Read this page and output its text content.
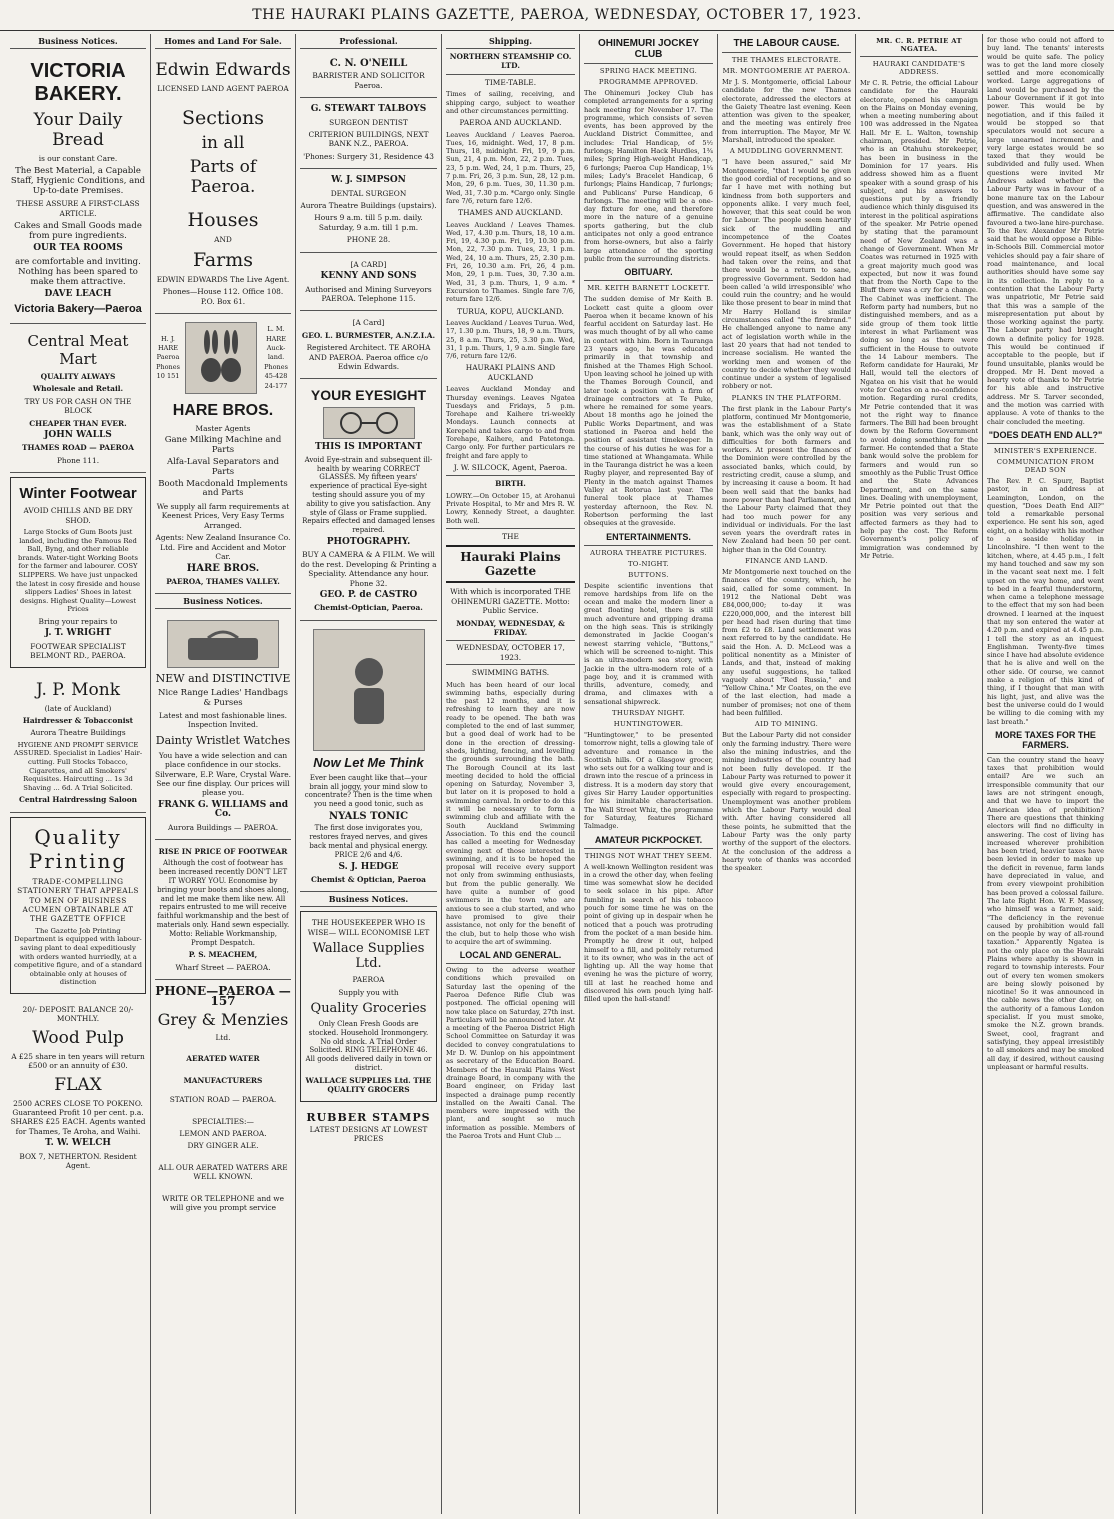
THE HAURAKI PLAINS GAZETTE, PAEROA, WEDNESDAY, OCTOBER 17, 1923.
Business Notices.
VICTORIA BAKERY.
Your Daily Bread
is our constant Care.
The Best Material, a Capable Staff, Hygienic Conditions, and Up-to-date Premises.
THESE ASSURE A FIRST-CLASS ARTICLE.
Cakes and Small Goods made from pure ingredients.
OUR TEA ROOMS
are comfortable and inviting. Nothing has been spared to make them attractive.
DAVE LEACH
Victoria Bakery—Paeroa
Central Meat Mart
QUALITY ALWAYS
Wholesale and Retail.
TRY US FOR CASH ON THE BLOCK
CHEAPER THAN EVER.
JOHN WALLS
THAMES ROAD — PAEROA
Phone 111.
Winter Footwear
AVOID CHILLS AND BE DRY SHOD.
Large Stocks of Gum Boots just landed, including the Famous Red Ball, Byng, and other reliable brands. Water-tight Working Boots for the farmer and labourer. COSY SLIPPERS. We have just unpacked the latest in cosy fireside and house slippers Ladies' Shoes in latest designs. Highest Quality—Lowest Prices
Bring your repairs to
J. T. WRIGHT
FOOTWEAR SPECIALIST BELMONT RD., PAEROA.
J. P. Monk
(late of Auckland)
Hairdresser & Tobacconist
Aurora Theatre Buildings
HYGIENE AND PROMPT SERVICE ASSURED. Specialist in Ladies' Hair-cutting. Full Stocks Tobacco, Cigarettes, and all Smokers' Requisites. Haircutting ... 1s 3d Shaving ... 6d. A Trial Solicited.
Central Hairdressing Saloon
Quality Printing
TRADE-COMPELLING STATIONERY THAT APPEALS TO MEN OF BUSINESS ACUMEN OBTAINABLE AT THE GAZETTE OFFICE
The Gazette Job Printing Department is equipped with labour-saving plant to deal expeditiously with orders wanted hurriedly, at a competitive figure, and of a standard obtainable only at houses of distinction
20/- DEPOSIT. BALANCE 20/- MONTHLY.
Wood Pulp
A £25 share in ten years will return £500 or an annuity of £30.
FLAX
2500 ACRES CLOSE TO POKENO. Guaranteed Profit 10 per cent. p.a. SHARES £25 EACH. Agents wanted for Thames, Te Aroha, and Waihi.
T. W. WELCH
BOX 7, NETHERTON. Resident Agent.
Homes and Land For Sale.
Edwin Edwards
LICENSED LAND AGENT PAEROA
Sections
in all
Parts of Paeroa.
Houses
AND
Farms
EDWIN EDWARDS The Live Agent.
Phones—House 112. Office 108. P.O. Box 61.
H. J. HARE Paeroa Phones 10 151
L. M. HARE Auck-land. Phones 45-428 24-177
HARE BROS.
Master Agents
Gane Milking Machine and Parts
Alfa-Laval Separators and Parts
Booth Macdonald Implements and Parts
We supply all farm requirements at Keenest Prices, Very Easy Terms Arranged.
Agents: New Zealand Insurance Co. Ltd. Fire and Accident and Motor Car.
HARE BROS.
PAEROA, THAMES VALLEY.
Business Notices.
NEW and DISTINCTIVE
Nice Range Ladies' Handbags & Purses
Latest and most fashionable lines. Inspection Invited.
Dainty Wristlet Watches
You have a wide selection and can place confidence in our stocks. Silverware, E.P. Ware, Crystal Ware. See our fine display. Our prices will please you.
FRANK G. WILLIAMS and Co.
Aurora Buildings — PAEROA.
RISE IN PRICE OF FOOTWEAR
Although the cost of footwear has been increased recently DON'T LET IT WORRY YOU. Economise by bringing your boots and shoes along, and let me make them like new. All repairs entrusted to me will receive faithful workmanship and the best of materials only. Hand sewn especially. Motto: Reliable Workmanship, Prompt Despatch.
P. S. MEACHEM,
Wharf Street — PAEROA.
PHONE—PAEROA —157
Grey & Menzies
Ltd.
AERATED WATER
MANUFACTURERS
STATION ROAD — PAEROA.
SPECIALTIES:—
LEMON AND PAEROA.
DRY GINGER ALE.
ALL OUR AERATED WATERS ARE WELL KNOWN.
WRITE OR TELEPHONE and we will give you prompt service
Professional.
C. N. O'NEILL
BARRISTER AND SOLICITOR Paeroa.
G. STEWART TALBOYS
SURGEON DENTIST
CRITERION BUILDINGS, NEXT BANK N.Z., PAEROA.
'Phones: Surgery 31, Residence 43
W. J. SIMPSON
DENTAL SURGEON
Aurora Theatre Buildings (upstairs).
Hours 9 a.m. till 5 p.m. daily. Saturday, 9 a.m. till 1 p.m.
PHONE 28.
[A CARD]
KENNY AND SONS
Authorised and Mining Surveyors PAEROA. Telephone 115.
[A Card]
GEO. L. BURMESTER, A.N.Z.I.A.
Registered Architect. TE AROHA AND PAEROA. Paeroa office c/o Edwin Edwards.
YOUR EYESIGHT
THIS IS IMPORTANT
Avoid Eye-strain and subsequent ill-health by wearing CORRECT GLASSES. My fifteen years' experience of practical Eye-sight testing should assure you of my ability to give you satisfaction. Any style of Glass or Frame supplied. Repairs effected and damaged lenses repaired.
PHOTOGRAPHY.
BUY A CAMERA & A FILM. We will do the rest. Developing & Printing a Speciality. Attendance any hour. Phone 32.
GEO. P. de CASTRO
Chemist-Optician, Paeroa.
Now Let Me Think
Ever been caught like that—your brain all joggy, your mind slow to concentrate? Then is the time when you need a good tonic, such as
NYALS TONIC
The first dose invigorates you, restores frayed nerves, and gives back mental and physical energy. PRICE 2/6 and 4/6.
S. J. HEDGE
Chemist & Optician, Paeroa
Business Notices.
THE HOUSEKEEPER WHO IS WISE— WILL ECONOMISE LET
Wallace Supplies Ltd.
PAEROA
Supply you with
Quality Groceries
Only Clean Fresh Goods are stocked. Household Ironmongery. No old stock. A Trial Order Solicited. RING TELEPHONE 46. All goods delivered daily in town or district.
WALLACE SUPPLIES Ltd. THE QUALITY GROCERS
RUBBER STAMPS
LATEST DESIGNS AT LOWEST PRICES
Shipping.
NORTHERN STEAMSHIP CO. LTD.
TIME-TABLE.
Times of sailing, receiving, and shipping cargo, subject to weather and other circumstances permitting.
PAEROA AND AUCKLAND.
Leaves Auckland / Leaves Paeroa. Tues, 16, midnight. Wed, 17, 8 p.m. Thurs, 18, midnight. Fri, 19, 9 p.m. Sun, 21, 4 p.m. Mon, 22, 2 p.m. Tues, 23, 5 p.m. Wed, 24, 1 p.m. Thurs, 25, 7 p.m. Fri, 26, 3 p.m. Sun, 28, 12 p.m. Mon, 29, 6 p.m. Tues, 30, 11.30 p.m. Wed, 31, 7.30 p.m. *Cargo only. Single fare 7/6, return fare 12/6.
THAMES AND AUCKLAND.
Leaves Auckland / Leaves Thames. Wed, 17, 4.30 p.m. Thurs, 18, 10 a.m. Fri, 19, 4.30 p.m. Fri, 19, 10.30 p.m. Mon, 22, 7.30 p.m. Tues, 23, 1 p.m. Wed, 24, 10 a.m. Thurs, 25, 2.30 p.m. Fri, 26, 10.30 a.m. Fri, 26, 4 p.m. Mon, 29, 1 p.m. Tues, 30, 7.30 a.m. Wed, 31, 3 p.m. Thurs, 1, 9 a.m. * Excursion to Thames. Single fare 7/6, return fare 12/6.
TURUA, KOPU, AUCKLAND.
Leaves Auckland / Leaves Turua. Wed, 17, 1.30 p.m. Thurs, 18, 9 a.m. Thurs, 25, 8 a.m. Thurs, 25, 3.30 p.m. Wed, 31, 1 p.m. Thurs, 1, 9 a.m. Single fare 7/6, return fare 12/6.
HAURAKI PLAINS AND AUCKLAND
Leaves Auckland Monday and Thursday evenings. Leaves Ngatea Tuesdays and Fridays, 5 p.m. Torehape and Kaihere tri-weekly Mondays. Launch connects at Kerepehi and takes cargo to and from Torehape, Kaihere, and Patetonga. Cargo only. For further particulars re freight and fare apply to
J. W. SILCOCK, Agent, Paeroa.
BIRTH.
LOWRY.—On October 15, at Arohanui Private Hospital, to Mr and Mrs R. W. Lowry, Kennedy Street, a daughter. Both well.
THE
Hauraki Plains Gazette
With which is incorporated THE OHINEMURI GAZETTE. Motto: Public Service.
MONDAY, WEDNESDAY, & FRIDAY.
WEDNESDAY, OCTOBER 17, 1923.
SWIMMING BATHS.
Much has been heard of our local swimming baths, especially during the past 12 months, and it is refreshing to learn they are now ready to be opened. The bath was completed to the end of last summer, but a good deal of work had to be done in the erection of dressing-sheds, lighting, fencing, and levelling the grounds surrounding the bath. The Borough Council at its last meeting decided to hold the official opening on Saturday, November 3, but later on it is proposed to hold a swimming carnival. In order to do this it will be necessary to form a swimming club and affiliate with the South Auckland Swimming Association. To this end the council has called a meeting for Wednesday evening next of those interested in swimming, and it is to be hoped the proposal will receive every support not only from swimming enthusiasts, but from the public generally. We have quite a number of good swimmers in the town who are anxious to see a club started, and who have promised to give their assistance, not only for the benefit of the club, but to help those who wish to acquire the art of swimming.
LOCAL AND GENERAL.
Owing to the adverse weather conditions which prevailed on Saturday last the opening of the Paeroa Defence Rifle Club was postponed. The official opening will now take place on Saturday, 27th inst. Particulars will be announced later. At a meeting of the Paeroa District High School Committee on Saturday it was decided to convey congratulations to Mr D. W. Dunlop on his appointment as secretary of the Education Board. Members of the Hauraki Plains West drainage Board, in company with the Board engineer, on Friday last inspected a drainage pump recently installed on the Awaiti Canal. The members were impressed with the plant, and sought so much information as possible. Members of the Paeroa Trots and Hunt Club ...
OHINEMURI JOCKEY CLUB
SPRING HACK MEETING.
PROGRAMME APPROVED.
The Ohinemuri Jockey Club has completed arrangements for a spring hack meeting for November 17. The programme, which consists of seven events, has been approved by the Auckland District Committee, and includes: Trial Handicap, of 5½ furlongs; Hamilton Hack Hurdles, 1¾ miles; Spring High-weight Handicap, 6 furlongs; Paeroa Cup Handicap, 1¼ miles; Lady's Bracelet Handicap, 6 furlongs; Plains Handicap, 7 furlongs; and Publicans' Purse Handicap, 6 furlongs. The meeting will be a one-day fixture for one, and therefore more in the nature of a genuine sports gathering, but the club anticipates not only a good entrance from horse-owners, but also a fairly large attendance of the sporting public from the surrounding districts.
OBITUARY.
MR. KEITH BARNETT LOCKETT.
The sudden demise of Mr Keith B. Lockett cast quite a gloom over Paeroa when it became known of his fearful accident on Saturday last. He was much thought of by all who came in contact with him. Born in Tauranga 23 years ago, he was educated primarily in that township and finished at the Thames High School. Upon leaving school he joined up with the Thames Borough Council, and later took a position with a firm of drainage contractors at Te Puke, where he remained for some years. About 18 months ago he joined the Public Works Department, and was stationed in Paeroa and held the position of assistant timekeeper. In the course of his duties he was for a time stationed at Whangamata. While in the Tauranga district he was a keen Rugby player, and represented Bay of Plenty in the match against Thames Valley at Rotorua last year. The funeral took place at Thames yesterday afternoon, the Rev. N. Robertson performing the last obsequies at the graveside.
ENTERTAINMENTS.
AURORA THEATRE PICTURES.
TO-NIGHT.
BUTTONS.
Despite scientific inventions that remove hardships from life on the ocean and make the modern liner a great floating hotel, there is still much adventure and gripping drama on the high seas. This is strikingly demonstrated in Jackie Coogan's newest starring vehicle, "Buttons," which will be screened to-night. This is an ultra-modern sea story, with Jackie in the ultra-modern role of a page boy, and it is crammed with thrills, adventure, comedy, and drama, and climaxes with a sensational shipwreck.
THURSDAY NIGHT.
HUNTINGTOWER.
"Huntingtower," to be presented tomorrow night, tells a glowing tale of adventure and romance in the Scottish hills. Of a Glasgow grocer, who sets out for a walking tour and is drawn into the rescue of a princess in distress. It is a modern day story that gives Sir Harry Lauder opportunities for his inimitable characterisation. The Wall Street Whiz, the programme for Saturday, features Richard Talmadge.
AMATEUR PICKPOCKET.
THINGS NOT WHAT THEY SEEM.
A well-known Wellington resident was in a crowd the other day, when feeling time was somewhat slow he decided to seek solace in his pipe. After fumbling in search of his tobacco pouch for some time he was on the point of giving up in despair when he noticed that a pouch was protruding from the pocket of a man beside him. Promptly he drew it out, helped himself to a fill, and politely returned it to its owner, who was in the act of lighting up. All the way home that evening he was the picture of worry, till at last he reached home and discovered his own pouch lying half-filled upon the hall-stand!
THE LABOUR CAUSE.
THE THAMES ELECTORATE.
MR. MONTGOMERIE AT PAEROA.
Mr J. S. Montgomerie, official Labour candidate for the new Thames electorate, addressed the electors at the Gaiety Theatre last evening. Keen attention was given to the speaker, and the meeting was entirely free from interruption. The Mayor, Mr W. Marshall, introduced the speaker.
A MUDDLING GOVERNMENT.
"I have been assured," said Mr Montgomerie, "that I would be given the good cordial of receptions, and so far I have met with nothing but kindness from both supporters and opponents alike. I very much feel, however, that this seat could be won for Labour. The people seem heartily sick of the muddling and incompetence of the Coates Government. He hoped that history would repeat itself, as when Seddon had taken over the reins, and that there would be a return to sane, progressive Government. Seddon had been called 'a wild irresponsible' who could ruin the country; and he would like those present to bear in mind that Mr Harry Holland is similar circumstances called "the firebrand." He challenged anyone to name any act of legislation worth while in the last 20 years that had not tended to increase socialism. He wanted the working men and women of the country to decide whether they would continue under a system of legalised robbery or not.
PLANKS IN THE PLATFORM.
The first plank in the Labour Party's platform, continued Mr Montgomerie, was the establishment of a State bank, which was the only way out of difficulties for both farmers and workers. At present the finances of the Dominion were controlled by the associated banks, which could, by restricting credit, cause a slump, and by increasing it cause a boom. It had been well said that the banks had more power than had Parliament, and the Labour Party claimed that they had too much power for any individual or individuals. For the last seven years the overdraft rates in New Zealand had been 50 per cent. higher than in the Old Country.
FINANCE AND LAND.
Mr Montgomerie next touched on the finances of the country, which, he said, called for some comment. In 1912 the National Debt was £84,000,000; to-day it was £220,000,000, and the interest bill per head had risen during that time from £2 to £8. Land settlement was next referred to by the candidate. He said the Hon. A. D. McLeod was a political nonentity as a Minister of Lands, and that, instead of making any useful suggestions, he talked vaguely about "Red Russia," and "Yellow China." Mr Coates, on the eve of the last election, had made a number of promises; not one of them had been fulfilled.
AID TO MINING.
But the Labour Party did not consider only the farming industry. There were also the mining industries, and the mining industries of the country had not been fully developed. If the Labour Party was returned to power it would give every encouragement, especially with regard to prospecting. Unemployment was another problem which the Labour Party would deal with. After having considered all these points, he submitted that the Labour Party was the only party worthy of the support of the electors. At the conclusion of the address a hearty vote of thanks was accorded the speaker.
MR. C. R. PETRIE AT NGATEA.
HAURAKI CANDIDATE'S ADDRESS.
Mr C. R. Petrie, the official Labour candidate for the Hauraki electorate, opened his campaign on the Plains on Monday evening, when a meeting numbering about 100 was addressed in the Ngatea Hall. Mr E. L. Walton, township chairman, presided. Mr Petrie, who is an Otahuhu storekeeper, has been in business in the Dominion for 17 years. His address showed him as a fluent speaker with a sound grasp of his subject, and his answers to questions put by a friendly audience which thinly disguised its interest in the political aspirations of the speaker. Mr Petrie opened by stating that the paramount need of New Zealand was a change of Government. When Mr Coates was returned in 1925 with a great majority much good was expected, but now it was found that from the North Cape to the Bluff there was a cry for a change. The Cabinet was inefficient. The Reform party had numbers, but no distinguished members, and as a side group of them took little interest in what Parliament was doing so long as there were sufficient in the House to outvote the 14 Labour members. The Reform candidate for Hauraki, Mr Hall, would tell the electors of Ngatea on his visit that he would vote for Coates on a no-confidence motion. Regarding rural credits, Mr Petrie contended that it was not the right way to finance farmers. The Bill had been brought down by the Reform Government to avoid doing something for the farmer. He contended that a State bank would solve the problem for farmers and would run so smoothly as the Public Trust Office and the State Advances Department, and on the same lines. Dealing with unemployment, Mr Petrie pointed out that the position was very serious and affected farmers as they had to help pay the cost. The Reform Government's policy of immigration was condemned by Mr Petrie.
for those who could not afford to buy land. The tenants' interests would be quite safe. The policy was to get the land more closely settled and more economically worked. Large aggregations of land would be purchased by the Labour Government if it got into power. This would be by negotiation, and if this failed it would be stopped so that speculators would not secure a large unearned increment and very large estates would be so taxed that they would be subdivided and fully used. When questions were invited Mr Andrews asked whether the Labour Party was in favour of a bone manure tax on the Labour question, and was answered in the affirmative. The candidate also favoured a two-lane hire-purchase. To the Rev. Alexander Mr Petrie said that he would oppose a Bible-in-Schools Bill. Commercial motor vehicles should pay a fair share of road maintenance, and local authorities should have some say in its collection. In reply to a contention that the Labour Party was unpatriotic, Mr Petrie said that this was a sample of the misrepresentation put about by those working against the party. The Labour party had brought down a definite policy for 1928. This would be continued if acceptable to the people, but if found unsuitable, planks would be dropped. Mr H. Dent moved a hearty vote of thanks to Mr Petrie for his able and instructive address. Mr S. Tarver seconded, and the motion was carried with applause. A vote of thanks to the chair concluded the meeting.
"DOES DEATH END ALL?"
MINISTER'S EXPERIENCE.
COMMUNICATION FROM DEAD SON
The Rev. P. C. Spurr, Baptist pastor, in an address at Leamington, London, on the question, "Does Death End All?" told a remarkable personal experience. He sent his son, aged eight, on a holiday with his mother to a seaside holiday in Lincolnshire. "I then went to the kitchen, where, at 4.45 p.m., I felt my hand touched and saw my son in the vacant seat next me. I felt upset on the way home, and went to bed in a fearful thunderstorm, when came a telephone message to the effect that my son had been drowned. I learned at the inquest that my son entered the water at 4.20 p.m. and expired at 4.45 p.m. I tell the story as an inquest Englishman. Twenty-five times since I have had absolute evidence that he is alive and well on the other side. Of course, we cannot make a religion of this kind of thing, if I thought that man with his light, just, and alive was the best the universe could do I would be willing to die coming with my last breath."
MORE TAXES FOR THE FARMERS.
Can the country stand the heavy taxes that prohibition would entail? Are we such an irresponsible community that our laws are not stringent enough, and that we have to import the American idea of prohibition? There are questions that thinking electors will find no difficulty in answering. The cost of living has increased wherever prohibition has been tried, heavier taxes have been levied in order to make up the deficit in revenue, farm lands have depreciated in value, and from every viewpoint prohibition has been proved a colossal failure. The late Right Hon. W. F. Massey, who himself was a farmer, said: "The deficiency in the revenue caused by prohibition would fall on the people by way of all-round taxation." Apparently Ngatea is not the only place on the Hauraki Plains where apathy is shown in regard to township interests. Four out of every ten women smokers are being slowly poisoned by nicotine! So it was announced in the cable news the other day, on the authority of a famous London specialist. If you must smoke, smoke the N.Z. grown brands. Sweet, cool, fragrant and satisfying, they appeal irresistibly to all smokers and may be smoked all day, if desired, without causing unpleasant or harmful results.
